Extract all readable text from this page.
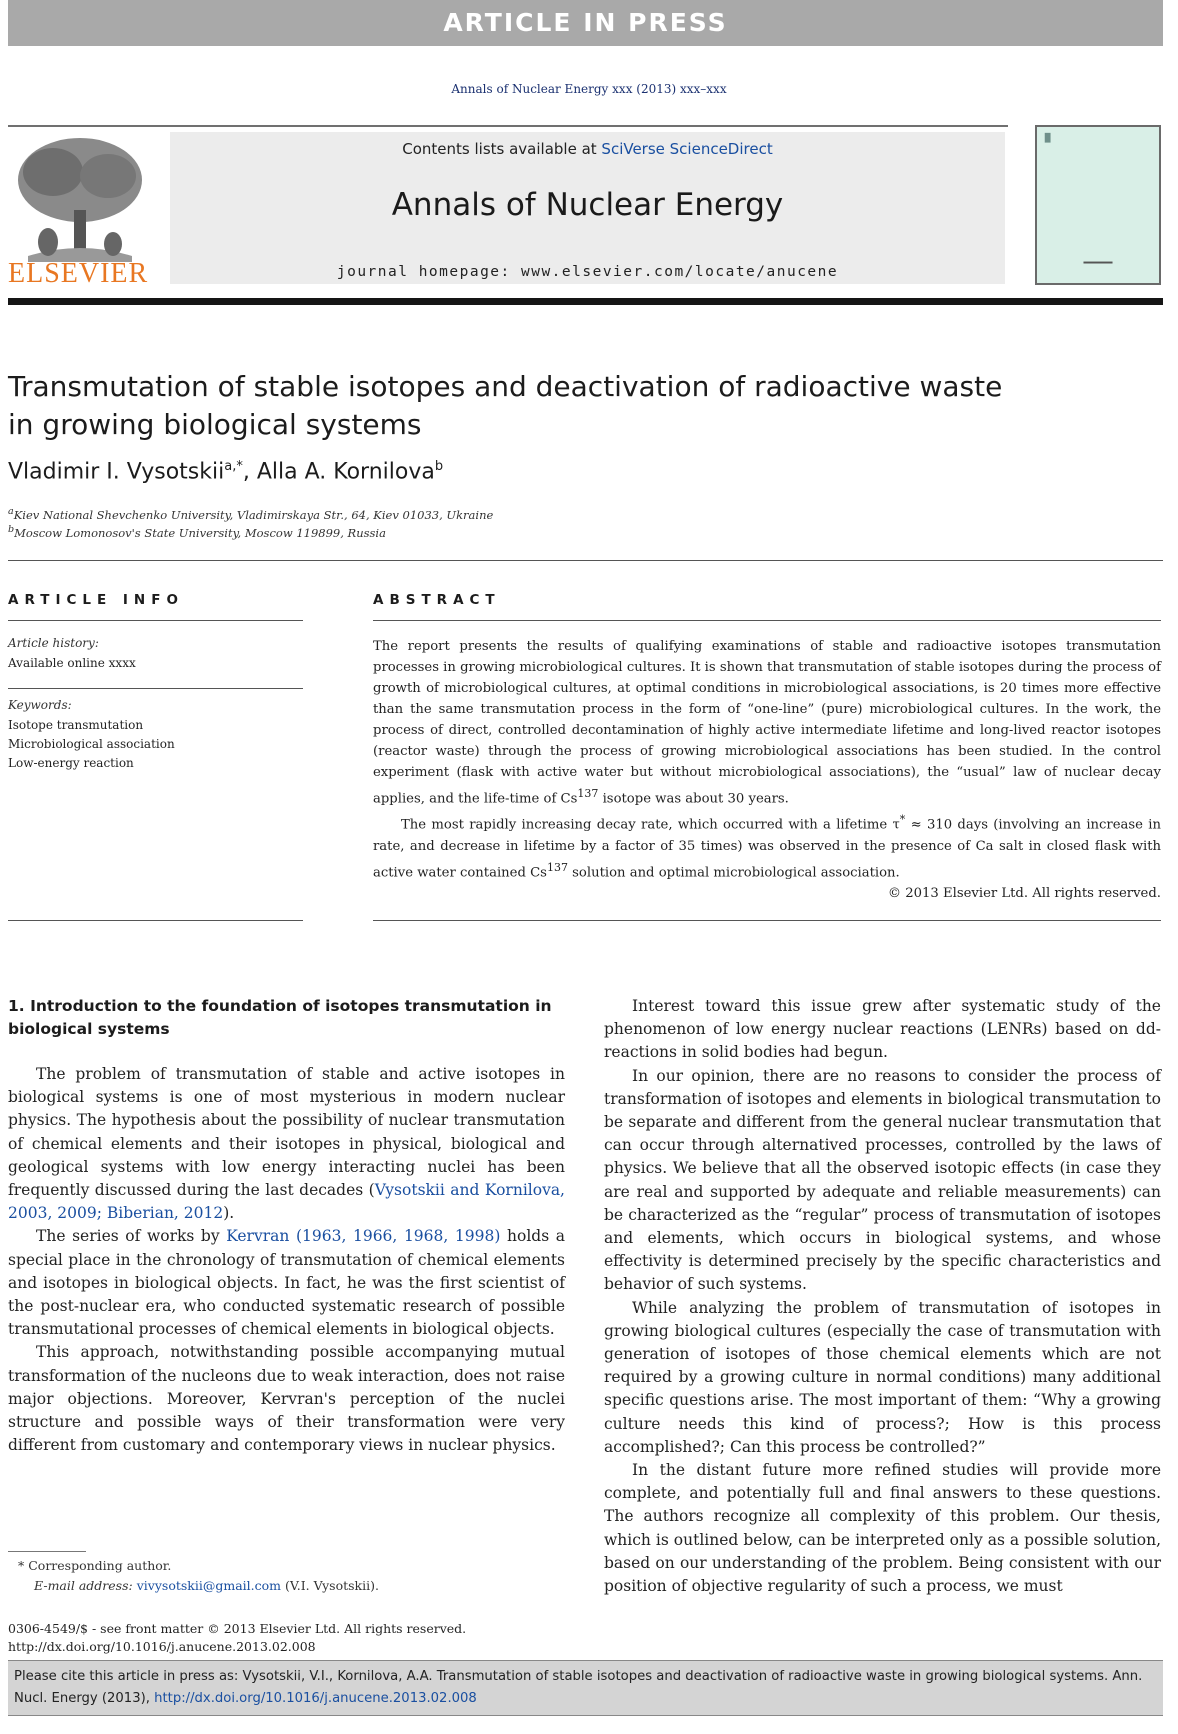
ARTICLE IN PRESS
Annals of Nuclear Energy xxx (2013) xxx–xxx
ELSEVIER
Contents lists available at SciVerse ScienceDirect
Annals of Nuclear Energy
journal homepage: www.elsevier.com/locate/anucene
Transmutation of stable isotopes and deactivation of radioactive waste
in growing biological systems
Vladimir I. Vysotskii$^{a,*}$, Alla A. Kornilova$^b$
$^a$Kiev National Shevchenko University, Vladimirskaya Str., 64, Kiev 01033, Ukraine
$^b$Moscow Lomonosov's State University, Moscow 119899, Russia
ARTICLE INFO
Article history:
Available online xxxx
Keywords:
Isotope transmutation
Microbiological association
Low-energy reaction
ABSTRACT

The report presents the results of qualifying examinations of stable and radioactive isotopes transmutation processes in growing microbiological cultures. It is shown that transmutation of stable isotopes during the process of growth of microbiological cultures, at optimal conditions in microbiological associations, is 20 times more effective than the same transmutation process in the form of “one-line” (pure) microbiological cultures. In the work, the process of direct, controlled decontamination of highly active intermediate lifetime and long-lived reactor isotopes (reactor waste) through the process of growing microbiological associations has been studied. In the control experiment (flask with active water but without microbiological associations), the “usual” law of nuclear decay applies, and the life-time of Cs$^{137}$ isotope was about 30 years.

The most rapidly increasing decay rate, which occurred with a lifetime τ* ≈ 310 days (involving an increase in rate, and decrease in lifetime by a factor of 35 times) was observed in the presence of Ca salt in closed flask with active water contained Cs$^{137}$ solution and optimal microbiological association.

© 2013 Elsevier Ltd. All rights reserved.

1. Introduction to the foundation of isotopes transmutation in biological systems

The problem of transmutation of stable and active isotopes in biological systems is one of most mysterious in modern nuclear physics. The hypothesis about the possibility of nuclear transmutation of chemical elements and their isotopes in physical, biological and geological systems with low energy interacting nuclei has been frequently discussed during the last decades (Vysotskii and Kornilova, 2003, 2009; Biberian, 2012).

The series of works by Kervran (1963, 1966, 1968, 1998) holds a special place in the chronology of transmutation of chemical elements and isotopes in biological objects. In fact, he was the first scientist of the post-nuclear era, who conducted systematic research of possible transmutational processes of chemical elements in biological objects.

This approach, notwithstanding possible accompanying mutual transformation of the nucleons due to weak interaction, does not raise major objections. Moreover, Kervran's perception of the nuclei structure and possible ways of their transformation were very different from customary and contemporary views in nuclear physics.

Interest toward this issue grew after systematic study of the phenomenon of low energy nuclear reactions (LENRs) based on dd-reactions in solid bodies had begun.

In our opinion, there are no reasons to consider the process of transformation of isotopes and elements in biological transmutation to be separate and different from the general nuclear transmutation that can occur through alternatived processes, controlled by the laws of physics. We believe that all the observed isotopic effects (in case they are real and supported by adequate and reliable measurements) can be characterized as the “regular” process of transmutation of isotopes and elements, which occurs in biological systems, and whose effectivity is determined precisely by the specific characteristics and behavior of such systems.

While analyzing the problem of transmutation of isotopes in growing biological cultures (especially the case of transmutation with generation of isotopes of those chemical elements which are not required by a growing culture in normal conditions) many additional specific questions arise. The most important of them: “Why a growing culture needs this kind of process?; How is this process accomplished?; Can this process be controlled?”

In the distant future more refined studies will provide more complete, and potentially full and final answers to these questions. The authors recognize all complexity of this problem. Our thesis, which is outlined below, can be interpreted only as a possible solution, based on our understanding of the problem. Being consistent with our position of objective regularity of such a process, we must

* Corresponding author.
E-mail address: vivysotskii@gmail.com (V.I. Vysotskii).
0306-4549/$ - see front matter © 2013 Elsevier Ltd. All rights reserved.
http://dx.doi.org/10.1016/j.anucene.2013.02.008
Please cite this article in press as: Vysotskii, V.I., Kornilova, A.A. Transmutation of stable isotopes and deactivation of radioactive waste in growing biological systems. Ann. Nucl. Energy (2013), http://dx.doi.org/10.1016/j.anucene.2013.02.008
